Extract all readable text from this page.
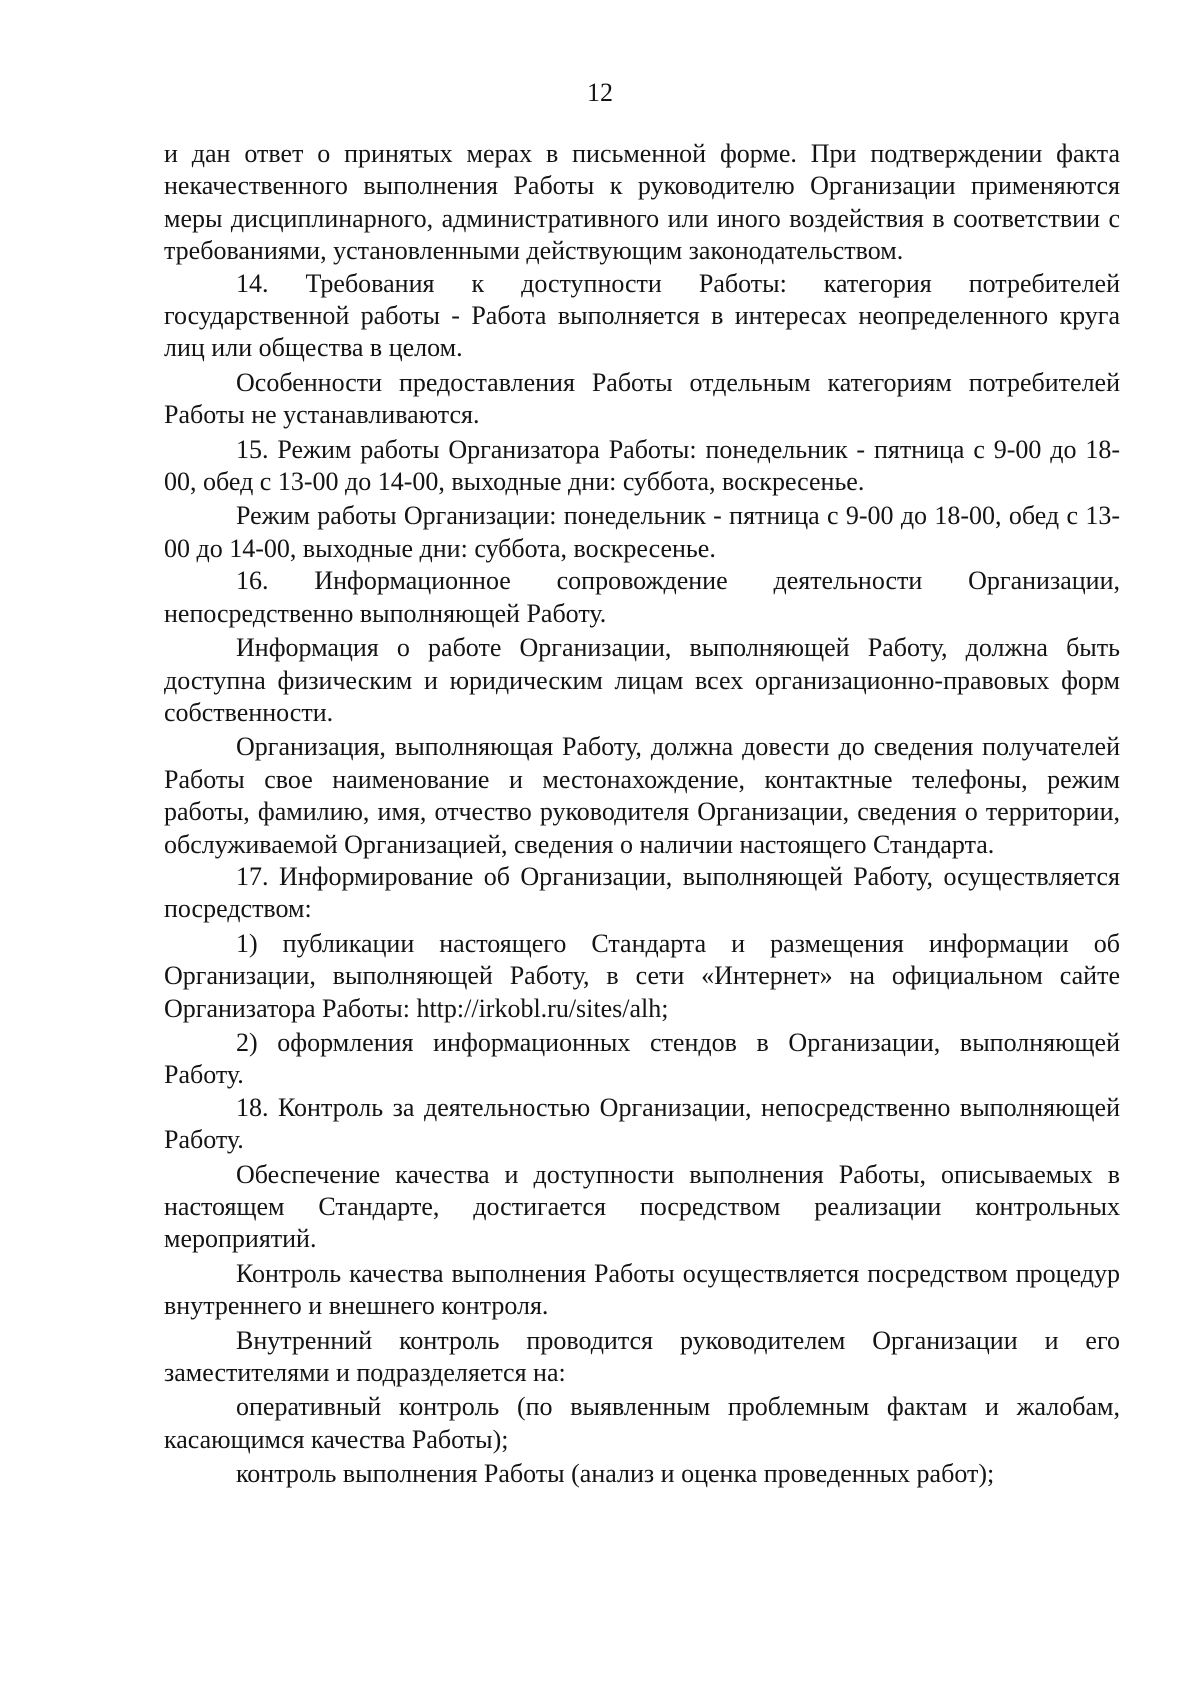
12

и дан ответ о принятых мерах в письменной форме. При подтверждении факта некачественного выполнения Работы к руководителю Организации применяются меры дисциплинарного, административного или иного воздействия в соответствии с требованиями, установленными действующим законодательством.

14. Требования к доступности Работы: категория потребителей государственной работы - Работа выполняется в интересах неопределенного круга лиц или общества в целом.

Особенности предоставления Работы отдельным категориям потребителей Работы не устанавливаются.

15. Режим работы Организатора Работы: понедельник - пятница с 9-00 до 18-00, обед с 13-00 до 14-00, выходные дни: суббота, воскресенье.

Режим работы Организации: понедельник - пятница с 9-00 до 18-00, обед с 13-00 до 14-00, выходные дни: суббота, воскресенье.

16. Информационное сопровождение деятельности Организации, непосредственно выполняющей Работу.

Информация о работе Организации, выполняющей Работу, должна быть доступна физическим и юридическим лицам всех организационно-правовых форм собственности.

Организация, выполняющая Работу, должна довести до сведения получателей Работы свое наименование и местонахождение, контактные телефоны, режим работы, фамилию, имя, отчество руководителя Организации, сведения о территории, обслуживаемой Организацией, сведения о наличии настоящего Стандарта.

17. Информирование об Организации, выполняющей Работу, осуществляется посредством:

1) публикации настоящего Стандарта и размещения информации об Организации, выполняющей Работу, в сети «Интернет» на официальном сайте Организатора Работы: http://irkobl.ru/sites/alh;

2) оформления информационных стендов в Организации, выполняющей Работу.

18. Контроль за деятельностью Организации, непосредственно выполняющей Работу.

Обеспечение качества и доступности выполнения Работы, описываемых в настоящем Стандарте, достигается посредством реализации контрольных мероприятий.

Контроль качества выполнения Работы осуществляется посредством процедур внутреннего и внешнего контроля.

Внутренний контроль проводится руководителем Организации и его заместителями и подразделяется на:

оперативный контроль (по выявленным проблемным фактам и жалобам, касающимся качества Работы);

контроль выполнения Работы (анализ и оценка проведенных работ);
